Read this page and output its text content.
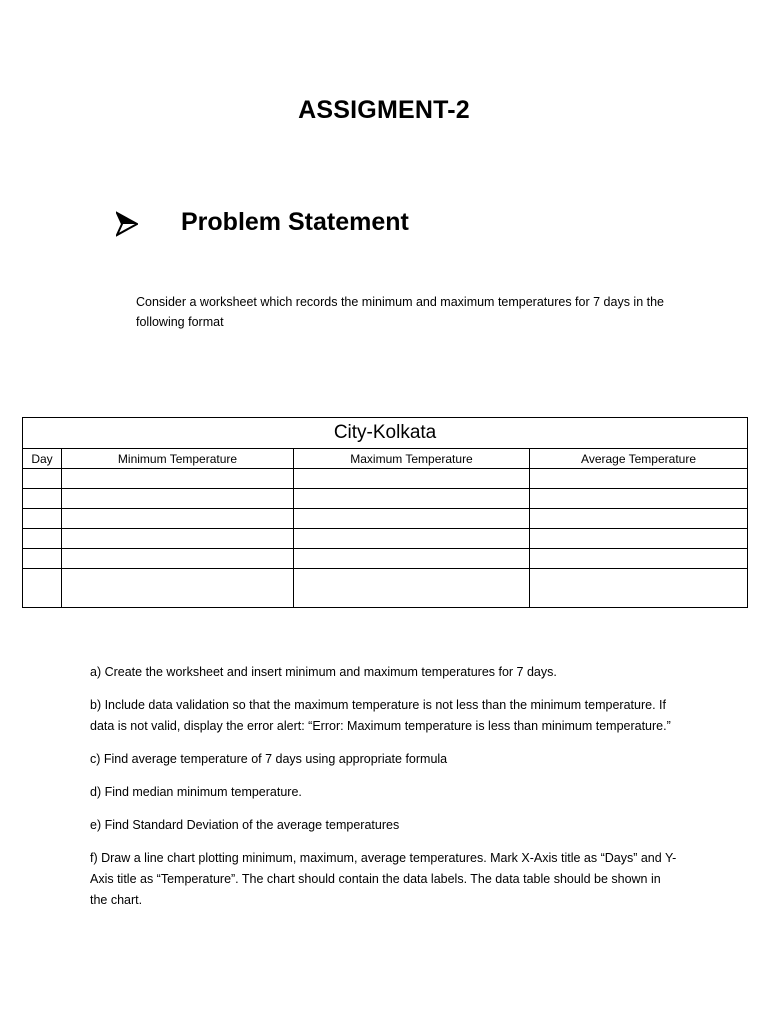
ASSIGMENT-2
Problem Statement
Consider a worksheet which records the minimum and maximum temperatures for 7 days in the following format
City-Kolkata			
Day	Minimum Temperature	Maximum Temperature	Average Temperature

a) Create the worksheet and insert minimum and maximum temperatures for 7 days.

b) Include data validation so that the maximum temperature is not less than the minimum temperature. If data is not valid, display the error alert: “Error: Maximum temperature is less than minimum temperature.”

c) Find average temperature of 7 days using appropriate formula

d) Find median minimum temperature.

e) Find Standard Deviation of the average temperatures

f) Draw a line chart plotting minimum, maximum, average temperatures. Mark X-Axis title as “Days” and Y-Axis title as “Temperature”. The chart should contain the data labels. The data table should be shown in the chart.
